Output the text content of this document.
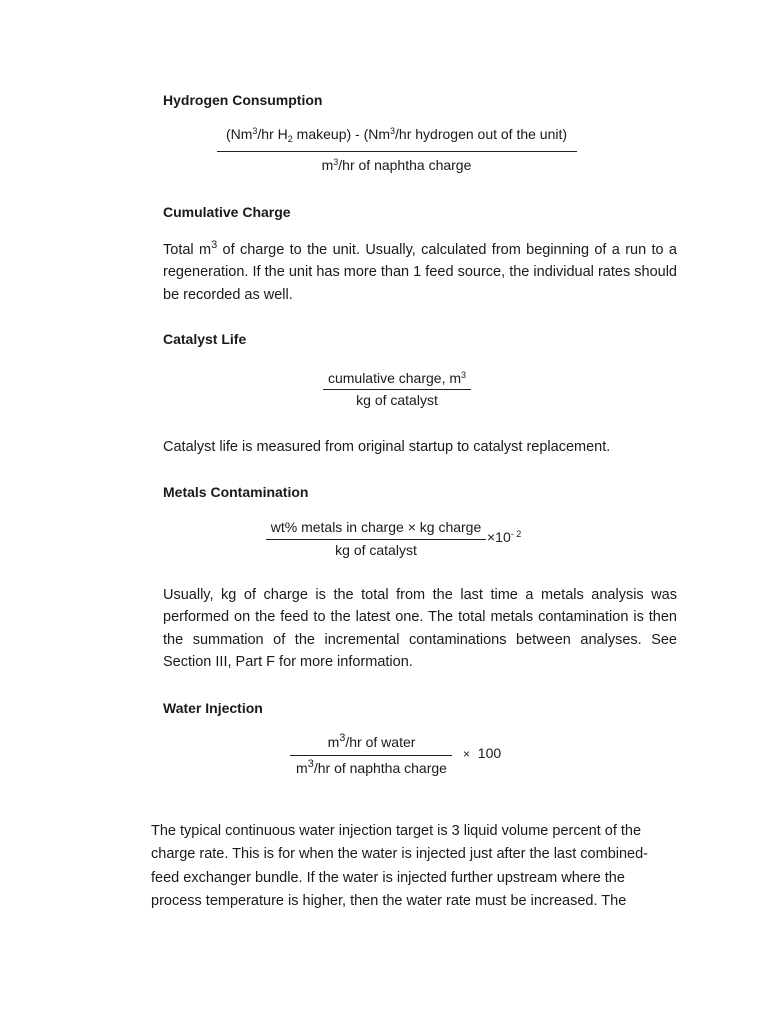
Hydrogen Consumption
(Nm$^3$/hr $H_2$ makeup) - (Nm$^3$/hr hydrogen out of the unit)
$m^3/hr$ of naphtha charge
Cumulative Charge
Total $m^3$ of charge to the unit. Usually, calculated from beginning of a run to a regeneration. If the unit has more than 1 feed source, the individual rates should be recorded as well.
Catalyst Life
cumulative charge, $m^3$
kg of catalyst
Catalyst life is measured from original startup to catalyst replacement.
Metals Contamination
wt% metals in charge × kg charge
kg of catalyst
$\times 10^{- 2}$
Usually, kg of charge is the total from the last time a metals analysis was performed on the feed to the latest one. The total metals contamination is then the summation of the incremental contaminations between analyses. See Section III, Part F for more information.
Water Injection
$m^3/hr$ of water
$m^3/hr$ of naphtha charge
× 100
The typical continuous water injection target is 3 liquid volume percent of the
charge rate. This is for when the water is injected just after the last combined-
feed exchanger bundle. If the water is injected further upstream where the
process temperature is higher, then the water rate must be increased. The
